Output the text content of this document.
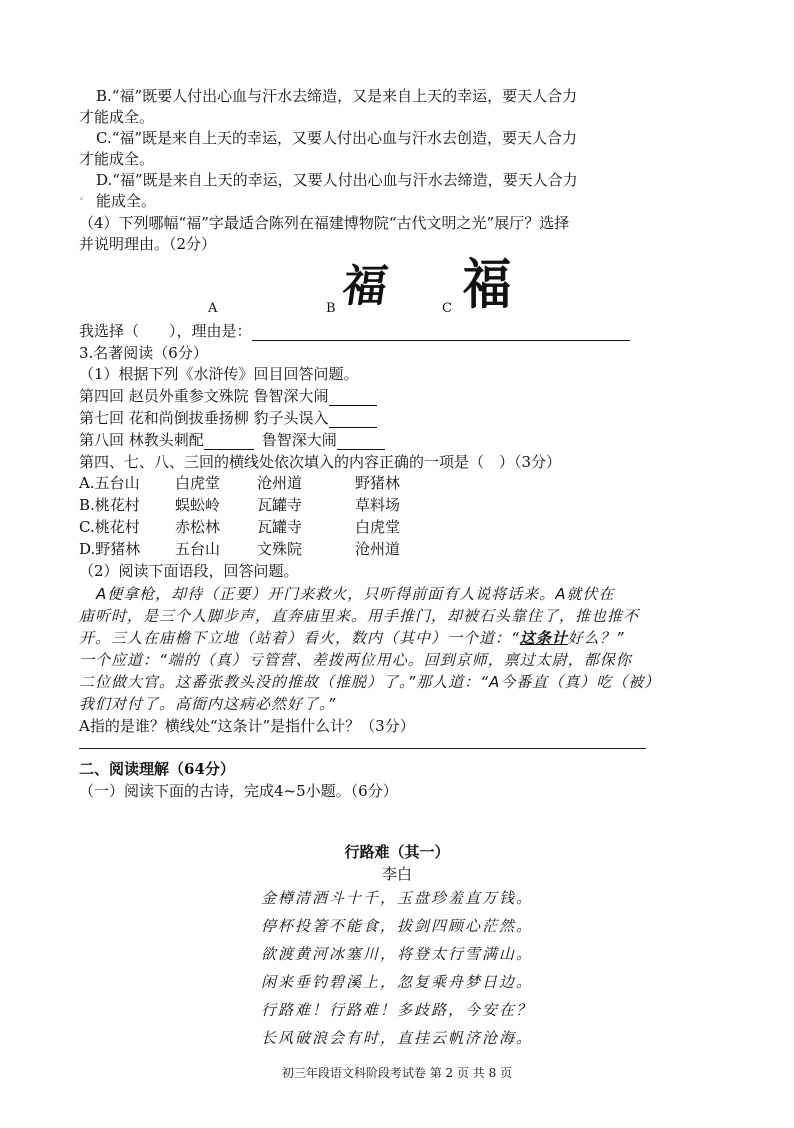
B.“福”既要人付出心血与汗水去缔造，又是来自上天的幸运，要天人合力
才能成全。
C.“福”既是来自上天的幸运，又要人付出心血与汗水去创造，要天人合力
才能成全。
D.“福”既是来自上天的幸运，又要人付出心血与汗水去缔造，要天人合力
◦ 能成全。
（4）下列哪幅“福”字最适合陈列在福建博物院“古代文明之光”展厅？选择
并说明理由。（2分）
A	B 福	C 福
我选择（　　），理由是：
3.名著阅读（6分）
（1）根据下列《水浒传》回目回答问题。
第四回 赵员外重参文殊院 鲁智深大闹
第七回 花和尚倒拔垂扬柳 豹子头误入
第八回 林教头刺配	鲁智深大闹
第四、七、八、三回的横线处依次填入的内容正确的一项是（　）（3分）
A.五台山 白虎堂 沧州道	野猪林
B.桃花村 蜈蚣岭 瓦罐寺	草料场
C.桃花村 赤松林 瓦罐寺	白虎堂
D.野猪林 五台山 文殊院	沧州道
（2）阅读下面语段，回答问题。
A便拿枪，却待（正要）开门来救火，只听得前面有人说将话来。A就伏在
庙听时，是三个人脚步声，直奔庙里来。用手推门，却被石头靠住了，推也推不
开。三人在庙檐下立地（站着）看火，数内（其中）一个道：“这条计好么？”
一个应道：“端的（真）亏管营、差拨两位用心。回到京师，禀过太尉，都保你
二位做大官。这番张教头没的推故（推脱）了。”那人道：“A今番直（真）吃（被）
我们对付了。高衙内这病必然好了。”
A指的是谁？横线处“这条计”是指什么计？（3分）
二、阅读理解（64分）
（一）阅读下面的古诗，完成4~5小题。（6分）
行路难（其一）
李白
金樽清酒斗十千，玉盘珍羞直万钱。
停杯投箸不能食，拔剑四顾心茫然。
欲渡黄河冰塞川，将登太行雪满山。
闲来垂钓碧溪上，忽复乘舟梦日边。
行路难！行路难！多歧路，今安在？
长风破浪会有时，直挂云帆济沧海。
初三年段语文科阶段考试卷 第 2 页 共 8 页
